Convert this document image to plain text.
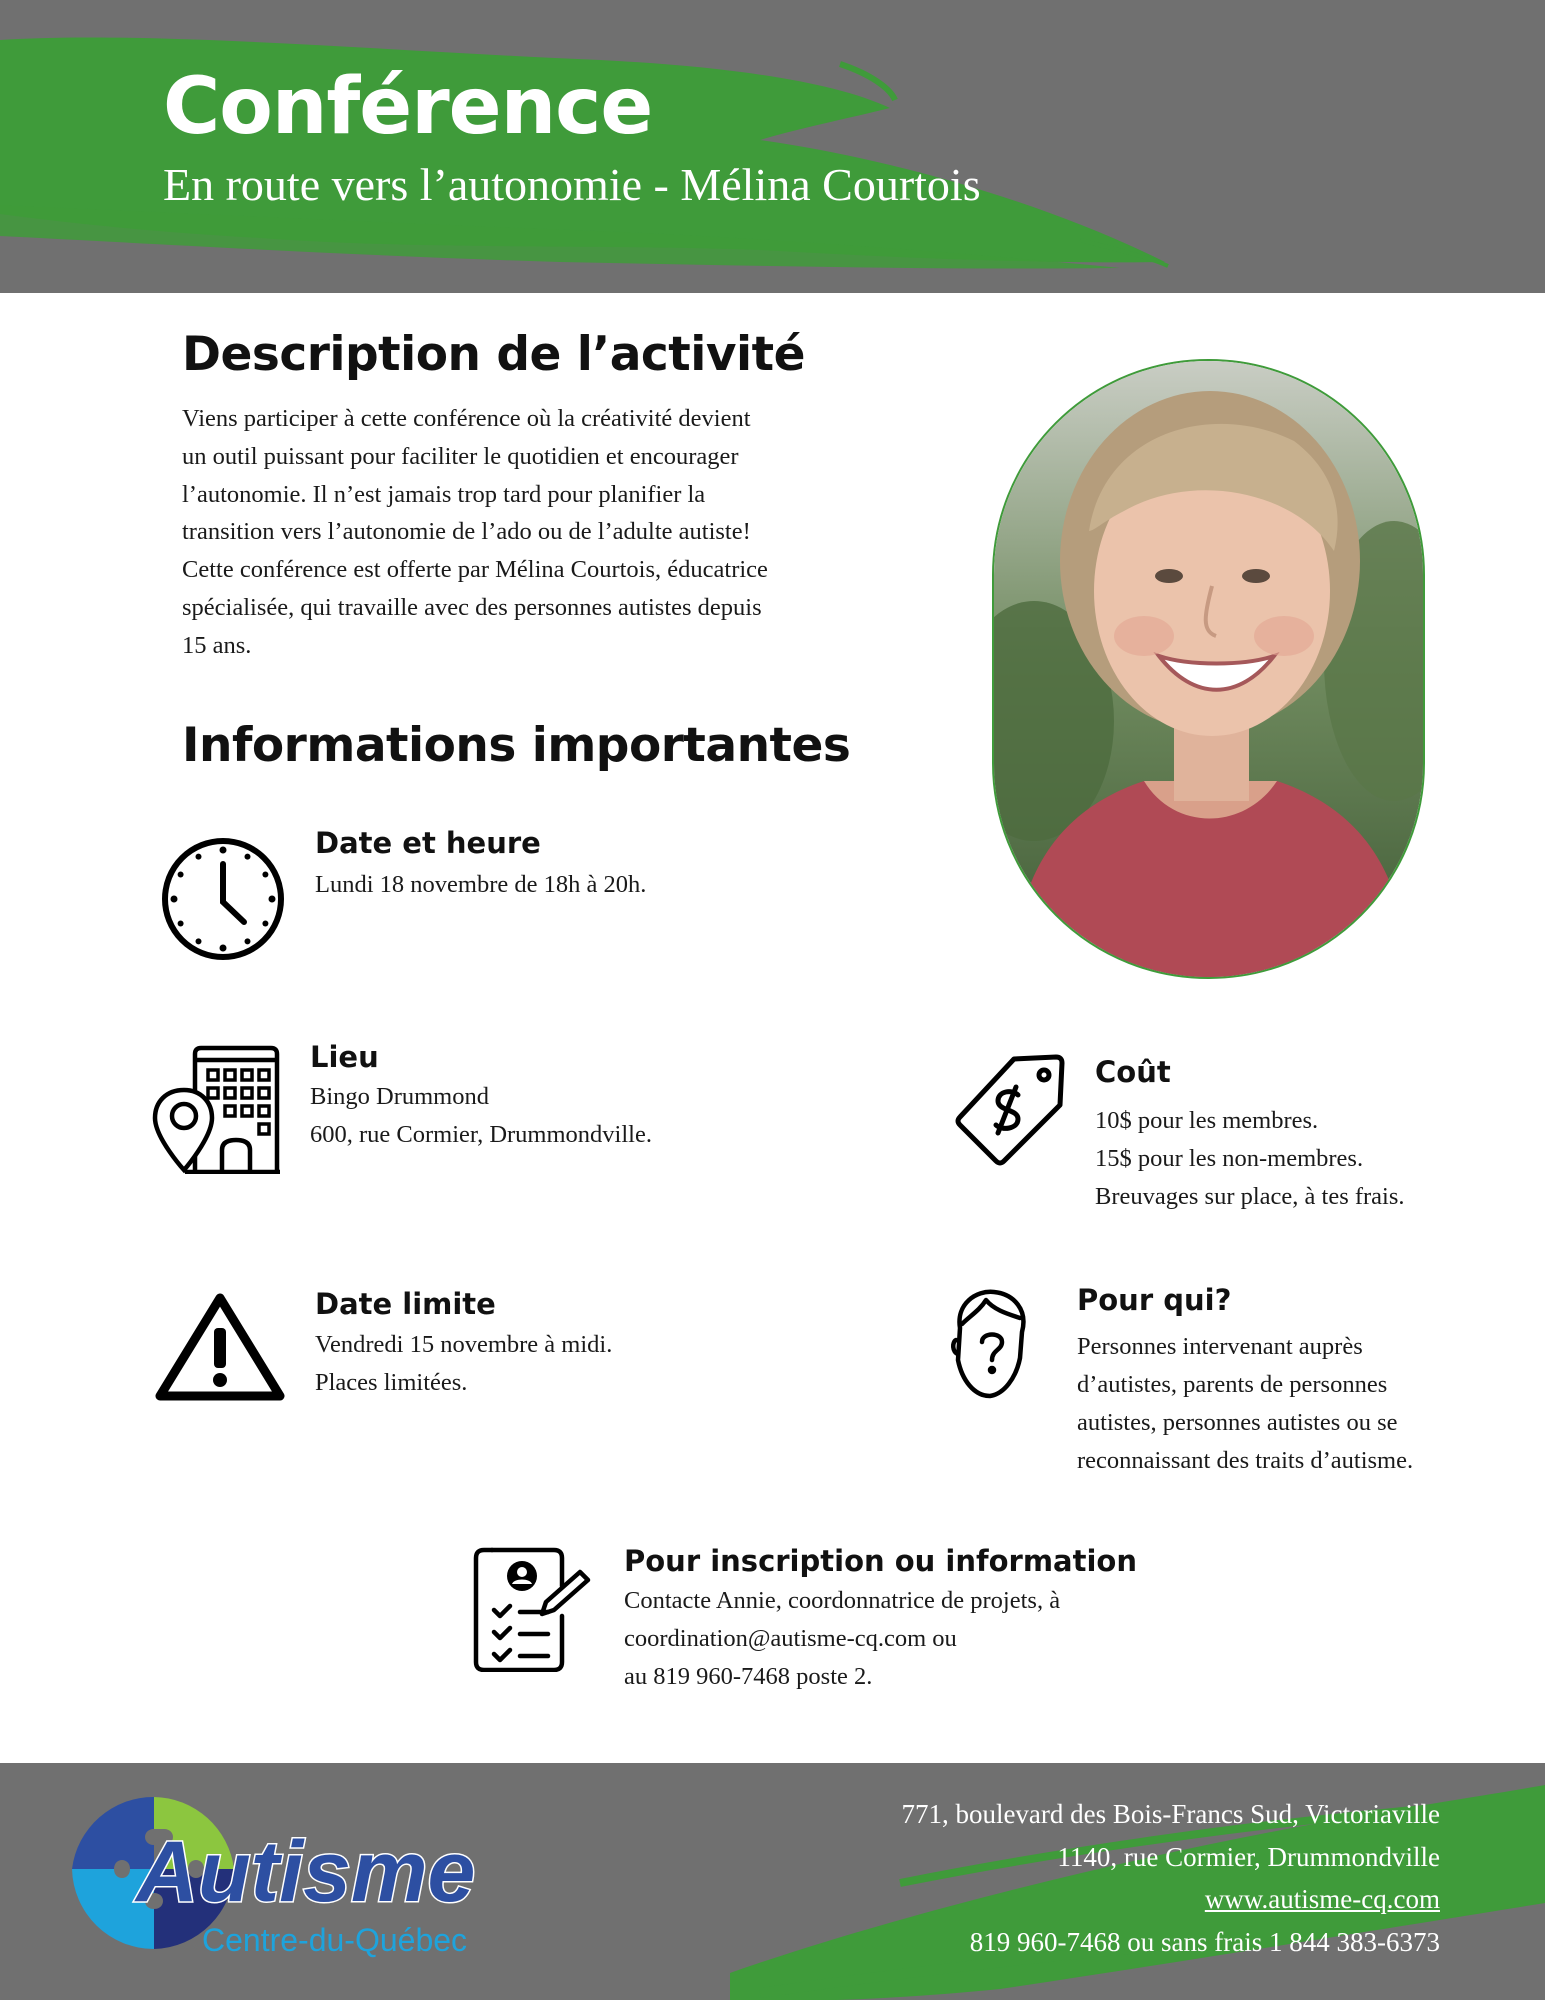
Conférence
En route vers l’autonomie - Mélina Courtois
Description de l’activité
Viens participer à cette conférence où la créativité devient
un outil puissant pour faciliter le quotidien et encourager
l’autonomie. Il n’est jamais trop tard pour planifier la
transition vers l’autonomie de l’ado ou de l’adulte autiste!
Cette conférence est offerte par Mélina Courtois, éducatrice
spécialisée, qui travaille avec des personnes autistes depuis
15 ans.
Informations importantes
Date et heure
Lundi 18 novembre de 18h à 20h.
Lieu
Bingo Drummond
600, rue Cormier, Drummondville.
Coût
10$ pour les membres.
15$ pour les non-membres.
Breuvages sur place, à tes frais.
Date limite
Vendredi 15 novembre à midi.
Places limitées.
Pour qui?
Personnes intervenant auprès
d’autistes, parents de personnes
autistes, personnes autistes ou se
reconnaissant des traits d’autisme.
Pour inscription ou information
Contacte Annie, coordonnatrice de projets, à
coordination@autisme-cq.com ou
au 819 960-7468 poste 2.
Autisme
Centre-du-Québec
771, boulevard des Bois-Francs Sud, Victoriaville
1140, rue Cormier, Drummondville
www.autisme-cq.com
819 960-7468 ou sans frais 1 844 383-6373
